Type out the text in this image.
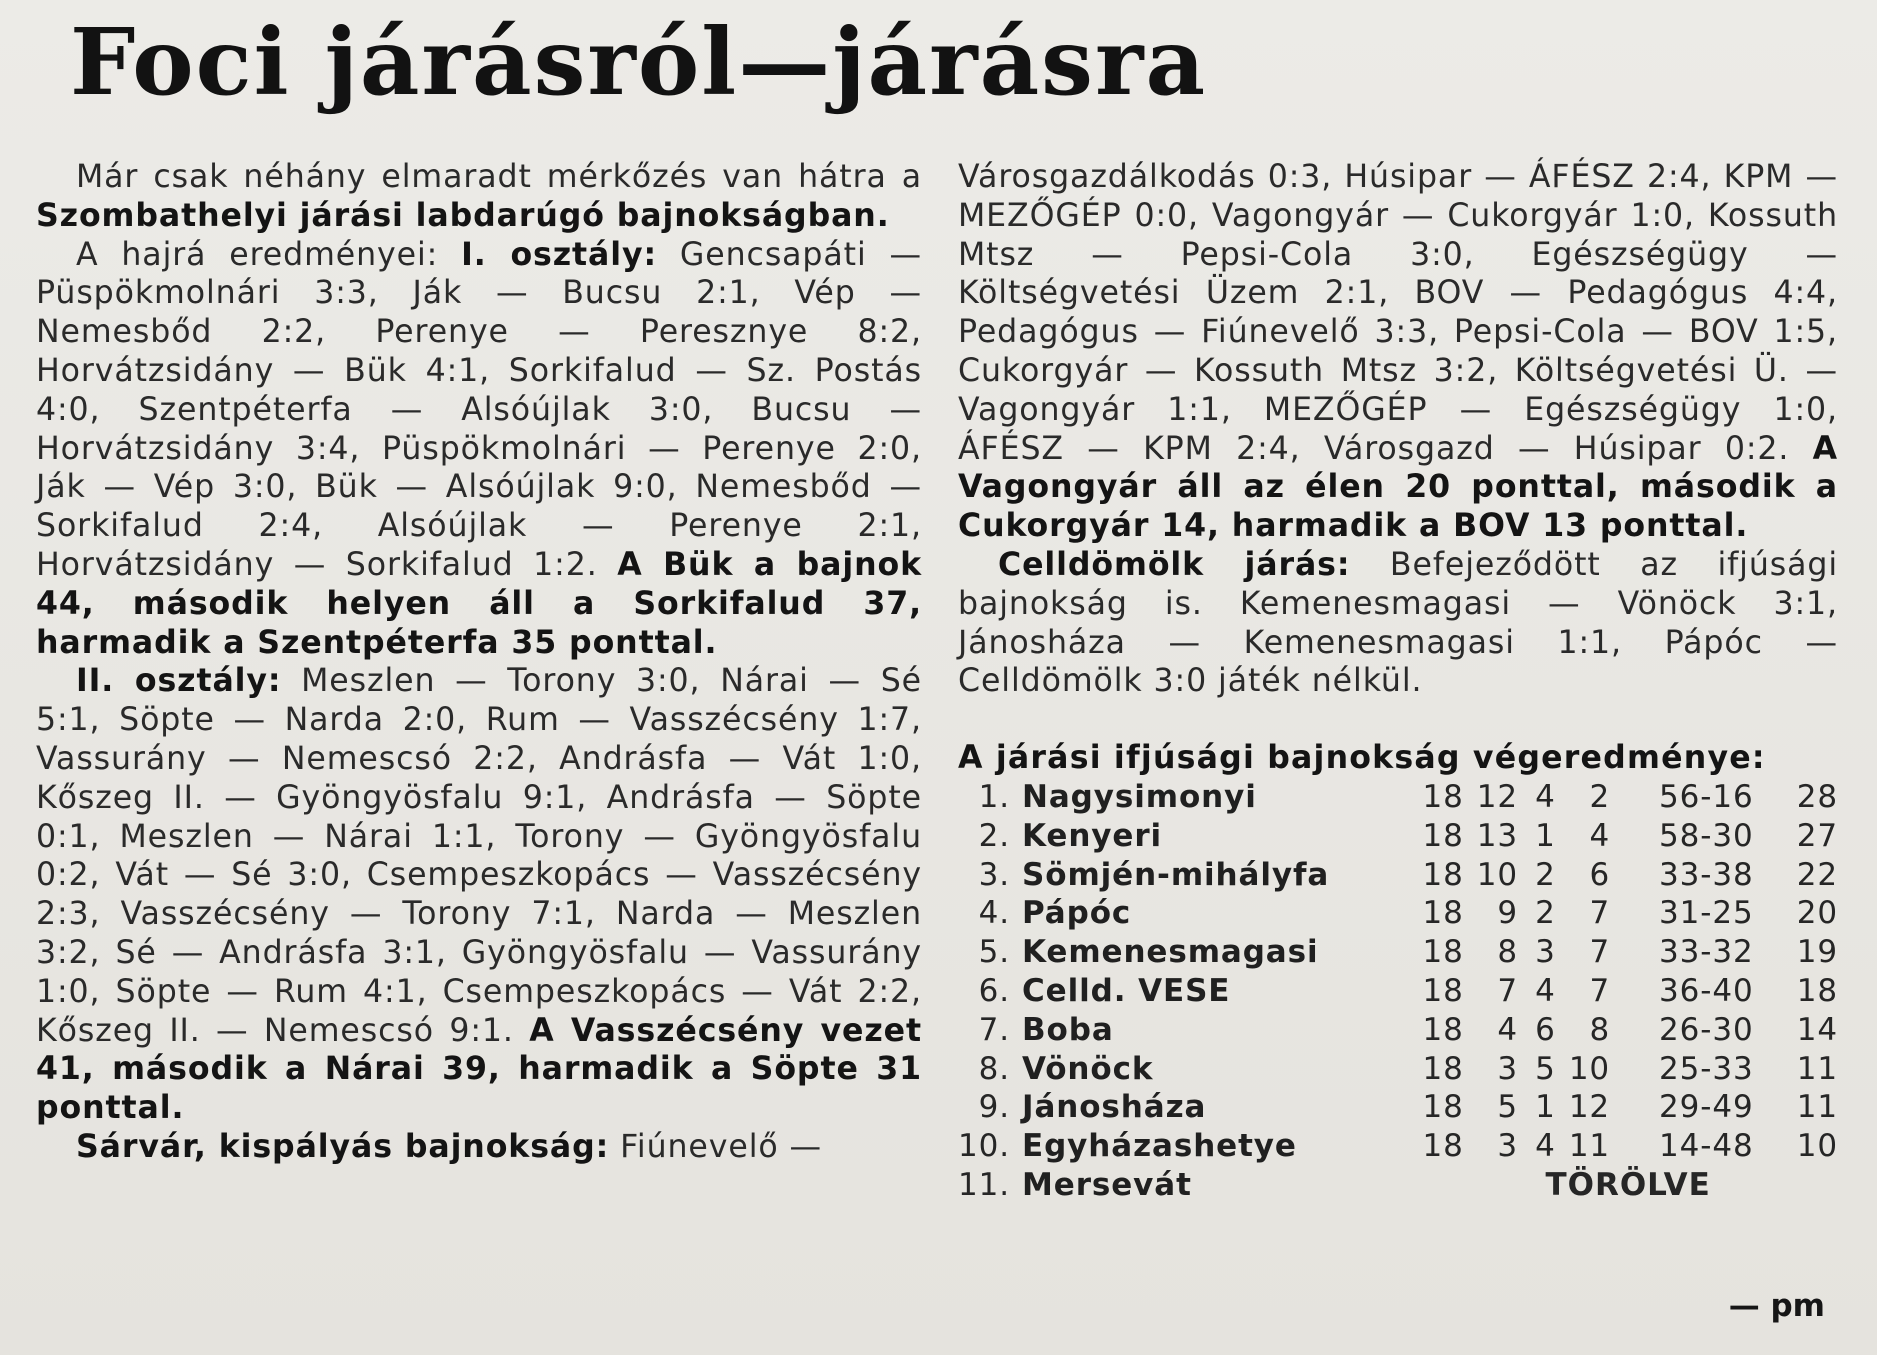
Foci járásról—járásra

Már csak néhány elmaradt mérkőzés van hátra a Szombathelyi járási labdarúgó bajnokságban.

A hajrá eredményei: I. osztály: Gencsapáti — Püspökmolnári 3:3, Ják — Bucsu 2:1, Vép — Nemesbőd 2:2, Perenye — Peresznye 8:2, Horvátzsidány — Bük 4:1, Sorkifalud — Sz. Postás 4:0, Szentpéterfa — Alsóújlak 3:0, Bucsu — Horvátzsidány 3:4, Püspökmolnári — Perenye 2:0, Ják — Vép 3:0, Bük — Alsóújlak 9:0, Nemesbőd — Sorkifalud 2:4, Alsóújlak — Perenye 2:1, Horvátzsidány — Sorkifalud 1:2. A Bük a bajnok 44, második helyen áll a Sorkifalud 37, harmadik a Szentpéterfa 35 ponttal.

II. osztály: Meszlen — Torony 3:0, Nárai — Sé 5:1, Söpte — Narda 2:0, Rum — Vasszécsény 1:7, Vassurány — Nemescsó 2:2, Andrásfa — Vát 1:0, Kőszeg II. — Gyöngyösfalu 9:1, Andrásfa — Söpte 0:1, Meszlen — Nárai 1:1, Torony — Gyöngyösfalu 0:2, Vát — Sé 3:0, Csempeszkopács — Vasszécsény 2:3, Vasszécsény — Torony 7:1, Narda — Meszlen 3:2, Sé — Andrásfa 3:1, Gyöngyösfalu — Vassurány 1:0, Söpte — Rum 4:1, Csempeszkopács — Vát 2:2, Kőszeg II. — Nemescsó 9:1. A Vasszécsény vezet 41, második a Nárai 39, harmadik a Söpte 31 ponttal.

Sárvár, kispályás bajnokság: Fiúnevelő —

Városgazdálkodás 0:3, Húsipar — ÁFÉSZ 2:4, KPM — MEZŐGÉP 0:0, Vagongyár — Cukorgyár 1:0, Kossuth Mtsz — Pepsi-Cola 3:0, Egészségügy — Költségvetési Üzem 2:1, BOV — Pedagógus 4:4, Pedagógus — Fiúnevelő 3:3, Pepsi-Cola — BOV 1:5, Cukorgyár — Kossuth Mtsz 3:2, Költségvetési Ü. — Vagongyár 1:1, MEZŐGÉP — Egészségügy 1:0, ÁFÉSZ — KPM 2:4, Városgazd — Húsipar 0:2. A Vagongyár áll az élen 20 ponttal, második a Cukorgyár 14, harmadik a BOV 13 ponttal.

Celldömölk járás: Befejeződött az ifjúsági bajnokság is. Kemenesmagasi — Vönöck 3:1, Jánosháza — Kemenesmagasi 1:1, Pápóc — Celldömölk 3:0 játék nélkül.

A járási ifjúsági bajnokság végeredménye:
1.	Nagysimonyi	18	12	4	2	56-16	28
2.	Kenyeri	18	13	1	4	58-30	27
3.	Sömjén-mihályfa	18	10	2	6	33-38	22
4.	Pápóc	18	9	2	7	31-25	20
5.	Kemenesmagasi	18	8	3	7	33-32	19
6.	Celld. VESE	18	7	4	7	36-40	18
7.	Boba	18	4	6	8	26-30	14
8.	Vönöck	18	3	5	10	25-33	11
9.	Jánosháza	18	5	1	12	29-49	11
10.	Egyházashetye	18	3	4	11	14-48	10
11.	Mersevát	TÖRÖLVE					
— pm
